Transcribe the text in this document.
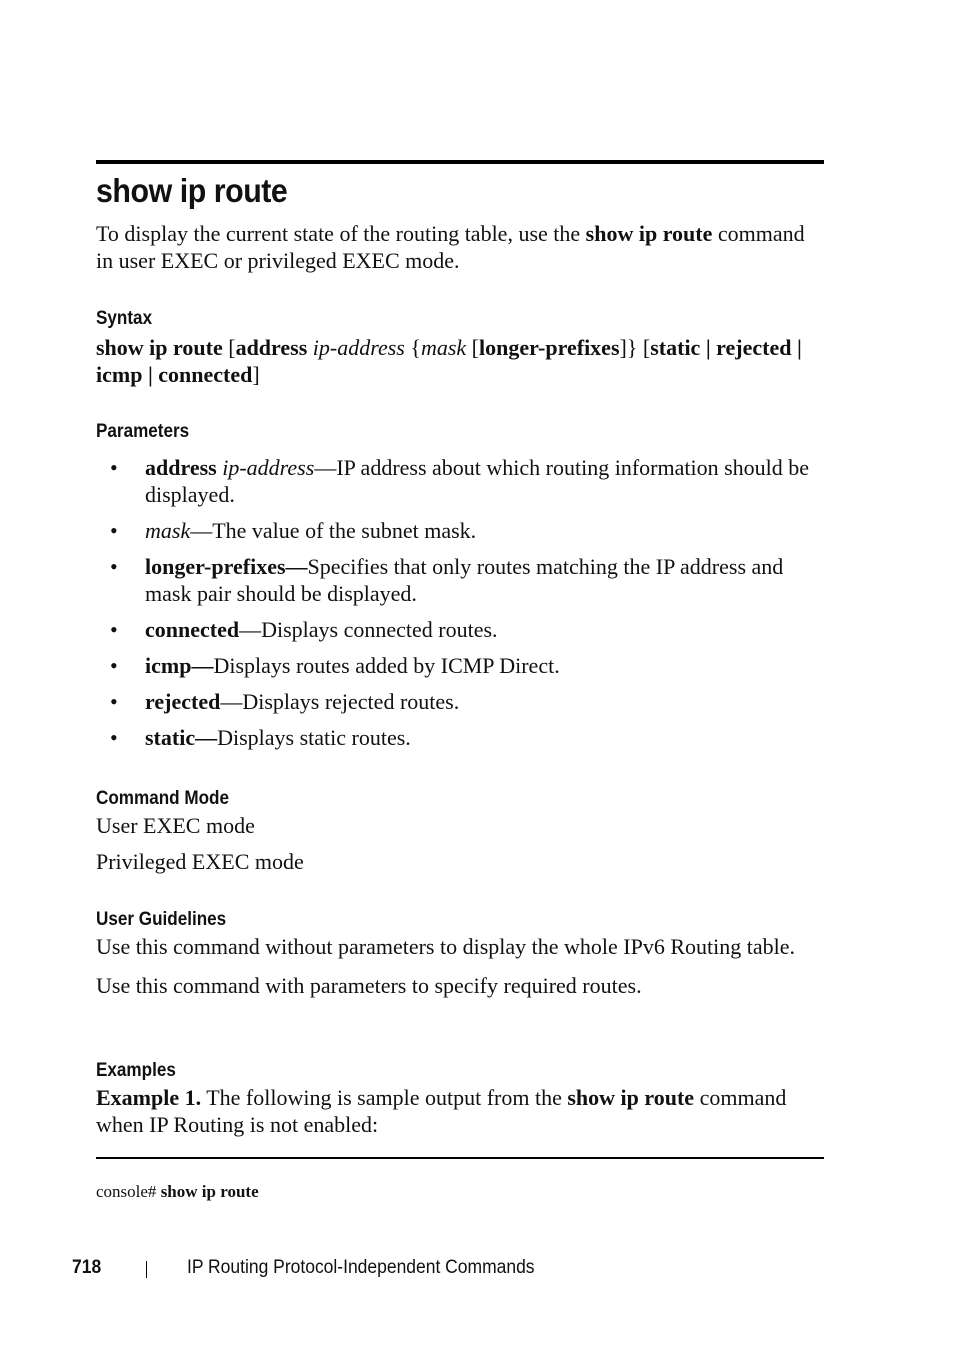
show ip route

To display the current state of the routing table, use the show ip route command in user EXEC or privileged EXEC mode.

Syntax

show ip route [address ip-address {mask [longer-prefixes]} [static | rejected | icmp | connected]

Parameters
• address ip-address—IP address about which routing information should be displayed.
• mask—The value of the subnet mask.
• longer-prefixes—Specifies that only routes matching the IP address and mask pair should be displayed.
• connected—Displays connected routes.
• icmp—Displays routes added by ICMP Direct.
• rejected—Displays rejected routes.
• static—Displays static routes.
Command Mode

User EXEC mode

Privileged EXEC mode

User Guidelines

Use this command without parameters to display the whole IPv6 Routing table.

Use this command with parameters to specify required routes.

Examples

Example 1. The following is sample output from the show ip route command when IP Routing is not enabled:

console# show ip route
718	IP Routing Protocol-Independent Commands
